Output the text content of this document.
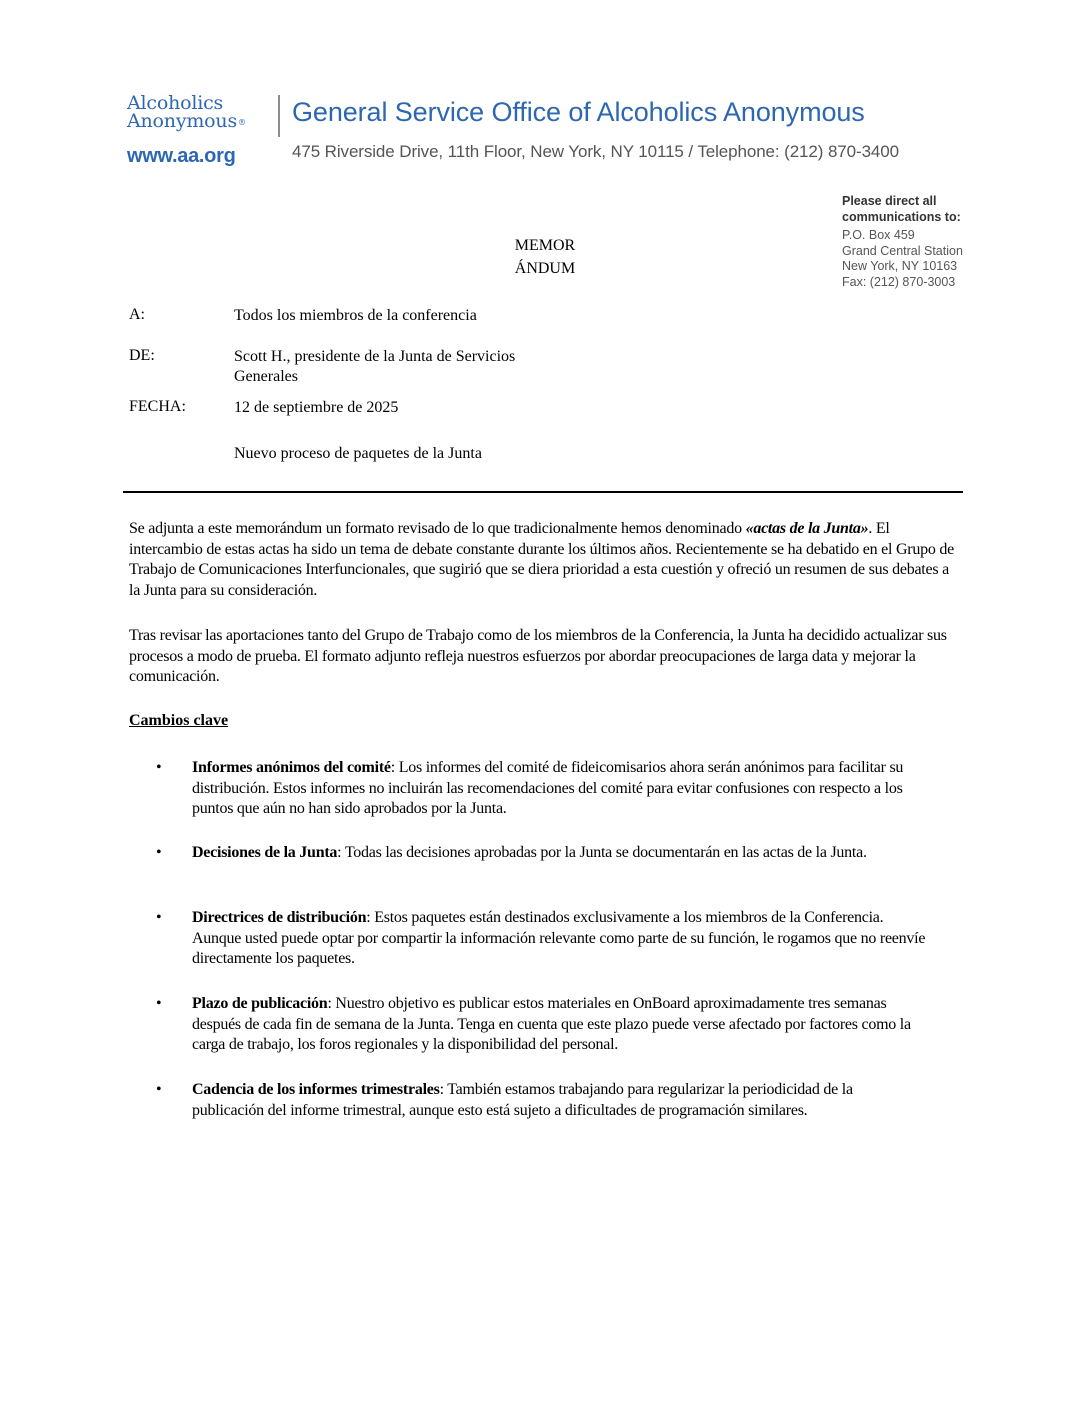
Alcoholics
Anonymous®
www.aa.org
General Service Office of Alcoholics Anonymous
475 Riverside Drive, 11th Floor, New York, NY 10115 / Telephone: (212) 870-3400
Please direct all
communications to:
P.O. Box 459
Grand Central Station
New York, NY 10163
Fax: (212) 870-3003
MEMOR
ÁNDUM
A:	Todos los miembros de la conferencia
DE:	Scott H., presidente de la Junta de Servicios Generales
FECHA:	12 de septiembre de 2025
Nuevo proceso de paquetes de la Junta
Se adjunta a este memorándum un formato revisado de lo que tradicionalmente hemos denominado «actas de la Junta». El intercambio de estas actas ha sido un tema de debate constante durante los últimos años. Recientemente se ha debatido en el Grupo de Trabajo de Comunicaciones Interfuncionales, que sugirió que se diera prioridad a esta cuestión y ofreció un resumen de sus debates a la Junta para su consideración.
Tras revisar las aportaciones tanto del Grupo de Trabajo como de los miembros de la Conferencia, la Junta ha decidido actualizar sus procesos a modo de prueba. El formato adjunto refleja nuestros esfuerzos por abordar preocupaciones de larga data y mejorar la comunicación.
Cambios clave
• Informes anónimos del comité: Los informes del comité de fideicomisarios ahora serán anónimos para facilitar su distribución. Estos informes no incluirán las recomendaciones del comité para evitar confusiones con respecto a los puntos que aún no han sido aprobados por la Junta.
• Decisiones de la Junta: Todas las decisiones aprobadas por la Junta se documentarán en las actas de la Junta.
• Directrices de distribución: Estos paquetes están destinados exclusivamente a los miembros de la Conferencia. Aunque usted puede optar por compartir la información relevante como parte de su función, le rogamos que no reenvíe directamente los paquetes.
• Plazo de publicación: Nuestro objetivo es publicar estos materiales en OnBoard aproximadamente tres semanas después de cada fin de semana de la Junta. Tenga en cuenta que este plazo puede verse afectado por factores como la carga de trabajo, los foros regionales y la disponibilidad del personal.
• Cadencia de los informes trimestrales: También estamos trabajando para regularizar la periodicidad de la publicación del informe trimestral, aunque esto está sujeto a dificultades de programación similares.
